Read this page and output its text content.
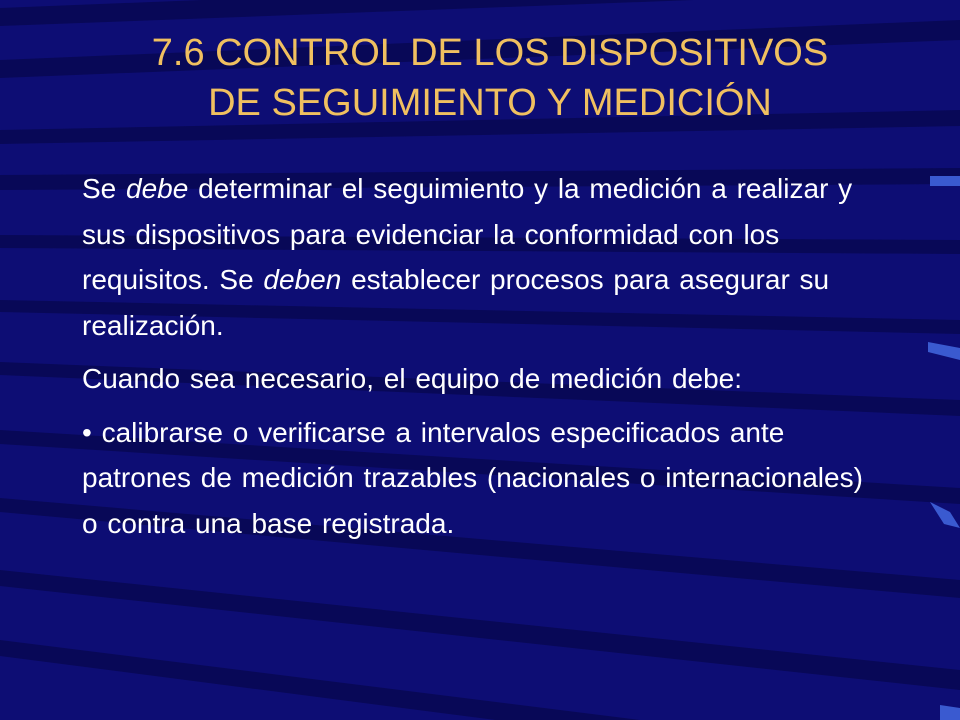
7.6 CONTROL DE LOS DISPOSITIVOS
DE SEGUIMIENTO Y MEDICIÓN

Se debe determinar el seguimiento y la medición a realizar y sus dispositivos para evidenciar la conformidad con los requisitos. Se deben establecer procesos para asegurar su realización.

Cuando sea necesario, el equipo de medición debe:

• calibrarse o verificarse a intervalos especificados ante patrones de medición trazables (nacionales o internacionales) o contra una base registrada.
